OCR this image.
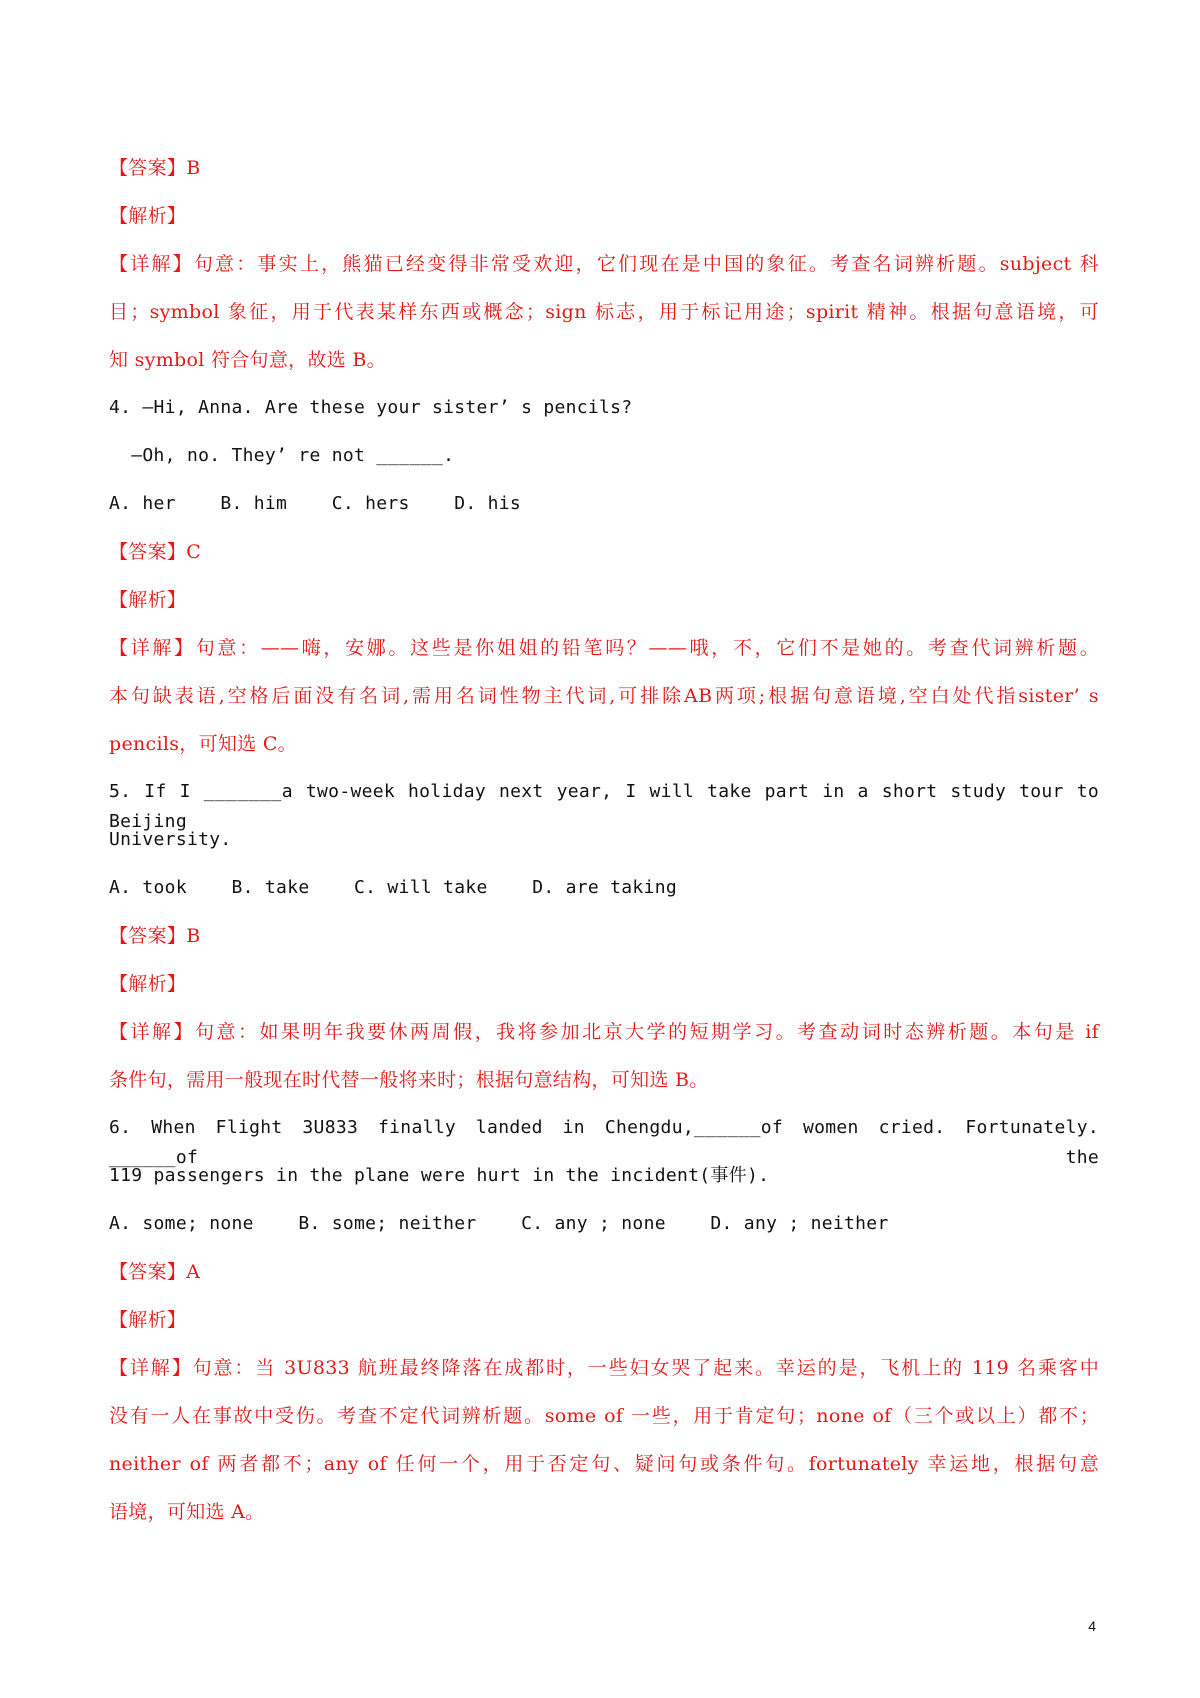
【答案】B
【解析】
【详解】句意：事实上，熊猫已经变得非常受欢迎，它们现在是中国的象征。考查名词辨析题。subject 科
目；symbol 象征，用于代表某样东西或概念；sign 标志，用于标记用途；spirit 精神。根据句意语境，可
知 symbol 符合句意，故选 B。
4. —Hi, Anna. Are these your sister’ s pencils?
—Oh, no. They’ re not ______.
A. her    B. him    C. hers    D. his
【答案】C
【解析】
【详解】句意：——嗨，安娜。这些是你姐姐的铅笔吗？——哦，不，它们不是她的。考查代词辨析题。
本句缺表语,空格后面没有名词,需用名词性物主代词,可排除AB两项;根据句意语境,空白处代指sister’ s
pencils，可知选 C。
5. If I _______a two-week holiday next year, I will take part in a short study tour to Beijing
University.
A. took    B. take    C. will take    D. are taking
【答案】B
【解析】
【详解】句意：如果明年我要休两周假，我将参加北京大学的短期学习。考查动词时态辨析题。本句是 if
条件句，需用一般现在时代替一般将来时；根据句意结构，可知选 B。
6. When Flight 3U833 finally landed in Chengdu,______of women cried. Fortunately. ______of the
119 passengers in the plane were hurt in the incident(事件).
A. some; none    B. some; neither    C. any ; none    D. any ; neither
【答案】A
【解析】
【详解】句意：当 3U833 航班最终降落在成都时，一些妇女哭了起来。幸运的是，飞机上的 119 名乘客中
没有一人在事故中受伤。考查不定代词辨析题。some of 一些，用于肯定句；none of（三个或以上）都不；
neither of 两者都不；any of 任何一个，用于否定句、疑问句或条件句。fortunately 幸运地，根据句意
语境，可知选 A。
4
